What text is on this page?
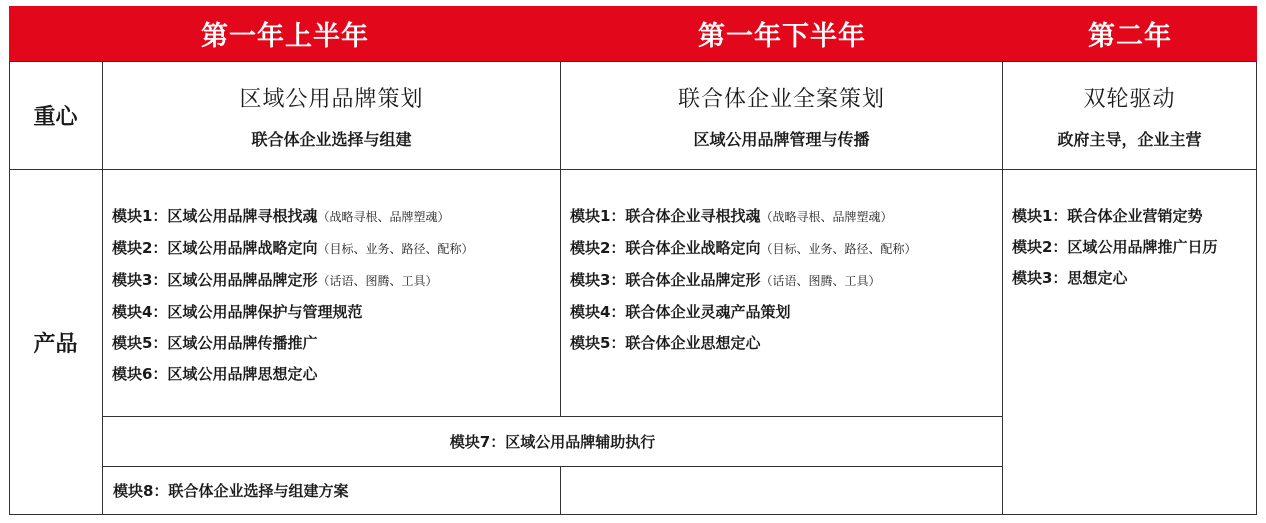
第一年上半年	第一年下半年	第二年
重心
产品
区域公用品牌策划
联合体企业选择与组建
联合体企业全案策划
区域公用品牌管理与传播
双轮驱动
政府主导，企业主营
模块1：区域公用品牌寻根找魂（战略寻根、品牌塑魂）
模块2：区域公用品牌战略定向（目标、业务、路径、配称）
模块3：区域公用品牌品牌定形（话语、图腾、工具）
模块4：区域公用品牌保护与管理规范
模块5：区域公用品牌传播推广
模块6：区域公用品牌思想定心
模块1：联合体企业寻根找魂（战略寻根、品牌塑魂）
模块2：联合体企业战略定向（目标、业务、路径、配称）
模块3：联合体企业品牌定形（话语、图腾、工具）
模块4：联合体企业灵魂产品策划
模块5：联合体企业思想定心
模块1：联合体企业营销定势
模块2：区域公用品牌推广日历
模块3：思想定心
模块7：区域公用品牌辅助执行
模块8：联合体企业选择与组建方案
